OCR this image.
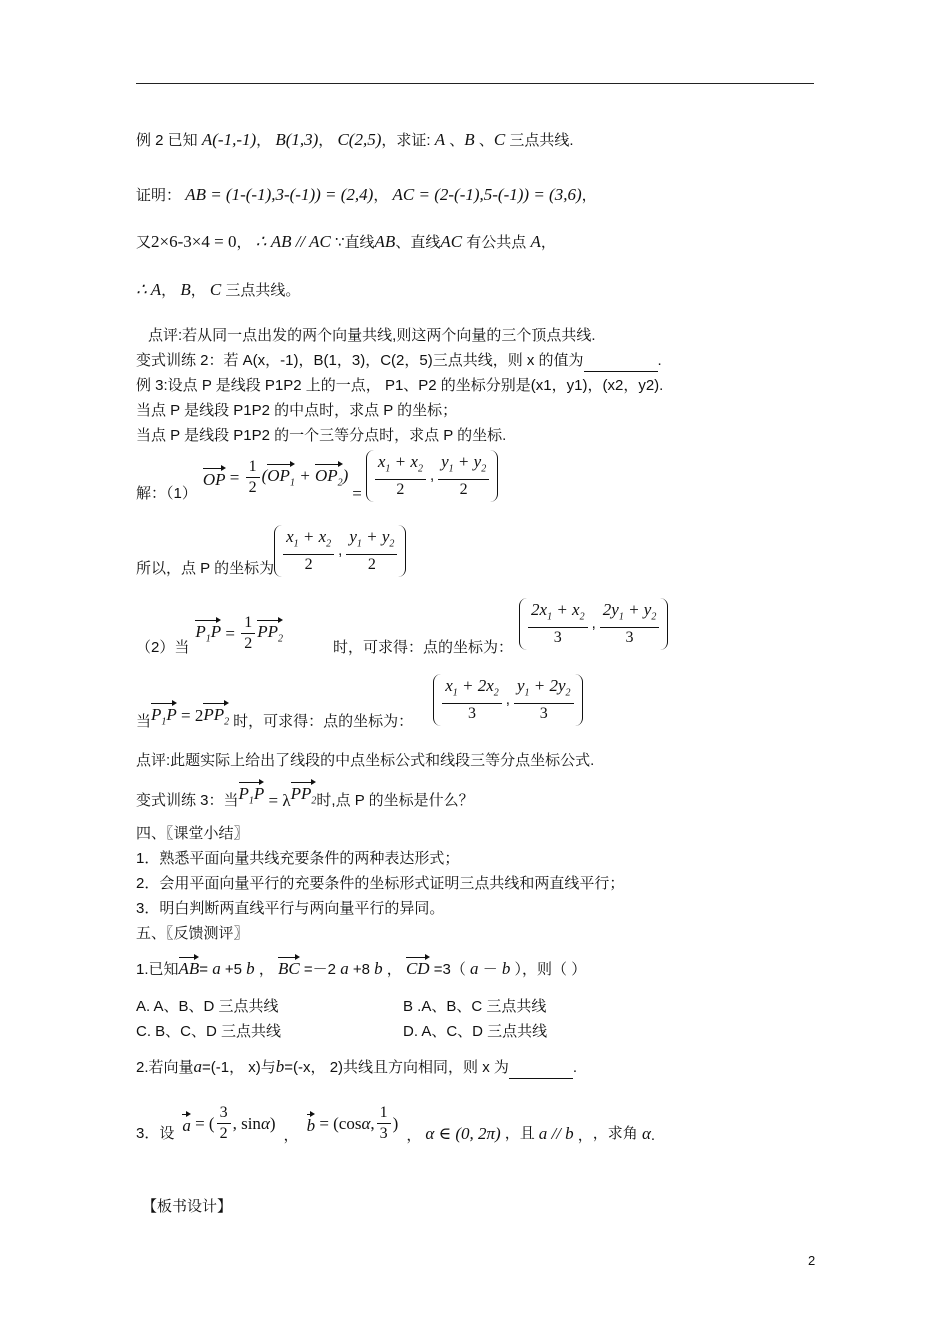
例 2 已知 A(-1,-1)， B(1,3)， C(2,5)，求证: A 、B 、C 三点共线.
证明： AB = (1-(-1),3-(-1)) = (2,4)， AC = (2-(-1),5-(-1)) = (3,6)，
又2×6-3×4 = 0， ∴ AB // AC ∵直线AB、直线AC 有公共点 A，
∴ A， B， C 三点共线。
点评:若从同一点出发的两个向量共线,则这两个向量的三个顶点共线.
变式训练 2：若 A(x，-1)，B(1，3)，C(2，5)三点共线，则 x 的值为	.
例 3:设点 P 是线段 P1P2 上的一点， P1、P2 的坐标分别是(x1，y1)，(x2，y2).
当点 P 是线段 P1P2 的中点时，求点 P 的坐标；
当点 P 是线段 P1P2 的一个三等分点时，求点 P 的坐标.
解：（1）
OP = $\frac{1}{2} (OP_1 + OP_2)$
= $\frac{x_1 + x_2}{2}$ , $\frac{y_1 + y_2}{2}$
所以，点 P 的坐标为 $\frac{x_1 + x_2}{2}$ , $\frac{y_1 + y_2}{2}$
（2）当
$P_1P = \frac{1}{2} PP_2$
时，可求得：点的坐标为： $\frac{2x_1 + x_2}{3}$ , $\frac{2y_1 + y_2}{3}$
当 $P_1P = 2$ $PP_2$ 时，可求得：点的坐标为： $\frac{x_1 + 2x_2}{3}$ , $\frac{y_1 + 2y_2}{3}$
点评:此题实际上给出了线段的中点坐标公式和线段三等分点坐标公式.
变式训练 3：当 $P_1P = \lambda$ $PP_2$ 时,点 P 的坐标是什么？
四、〖课堂小结〗
1．熟悉平面向量共线充要条件的两种表达形式；
2．会用平面向量平行的充要条件的坐标形式证明三点共线和两直线平行；
3．明白判断两直线平行与两向量平行的异同。
五、〖反馈测评〗
1.已知AB= a +5 b ， BC =－2 a +8 b ， CD =3（ a － b ），则（ ）
A. A、B、D 三点共线	B .A、B、C 三点共线
C. B、C、D 三点共线	D. A、C、D 三点共线
2.若向量a=(-1， x)与b=(-x， 2)共线且方向相同，则 x 为	.
3．设 a = ( $\frac{3}{2}$ , sin α )
，
b = (cos α , $\frac{1}{3}$ )
， α ∈ (0, 2π) ，且 a // b ， ，求角 α .
【板书设计】
2
